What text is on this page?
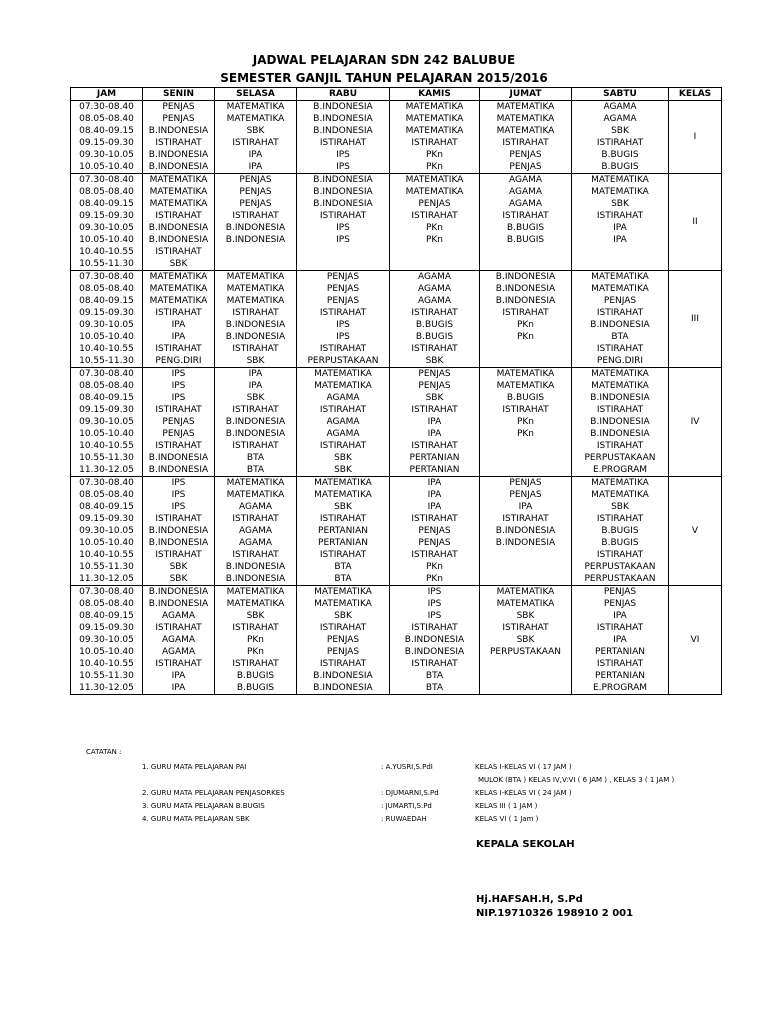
JADWAL PELAJARAN SDN 242 BALUBUE
SEMESTER GANJIL TAHUN PELAJARAN 2015/2016
JAM	SENIN	SELASA	RABU	KAMIS	JUMAT	SABTU	KELAS
07.30-08.40	PENJAS	MATEMATIKA	B.INDONESIA	MATEMATIKA	MATEMATIKA	AGAMA	I
08.05-08.40	PENJAS	MATEMATIKA	B.INDONESIA	MATEMATIKA	MATEMATIKA	AGAMA	
08.40-09.15	B.INDONESIA	SBK	B.INDONESIA	MATEMATIKA	MATEMATIKA	SBK	
09.15-09.30	ISTIRAHAT	ISTIRAHAT	ISTIRAHAT	ISTIRAHAT	ISTIRAHAT	ISTIRAHAT	
09.30-10.05	B.INDONESIA	IPA	IPS	PKn	PENJAS	B.BUGIS	
10.05-10.40	B.INDONESIA	IPA	IPS	PKn	PENJAS	B.BUGIS	
07.30-08.40	MATEMATIKA	PENJAS	B.INDONESIA	MATEMATIKA	AGAMA	MATEMATIKA	II
08.05-08.40	MATEMATIKA	PENJAS	B.INDONESIA	MATEMATIKA	AGAMA	MATEMATIKA	
08.40-09.15	MATEMATIKA	PENJAS	B.INDONESIA	PENJAS	AGAMA	SBK	
09.15-09.30	ISTIRAHAT	ISTIRAHAT	ISTIRAHAT	ISTIRAHAT	ISTIRAHAT	ISTIRAHAT	
09.30-10.05	B.INDONESIA	B.INDONESIA	IPS	PKn	B.BUGIS	IPA	
10.05-10.40	B.INDONESIA	B.INDONESIA	IPS	PKn	B.BUGIS	IPA	
10.40-10.55	ISTIRAHAT						
10.55-11.30	SBK						
07.30-08.40	MATEMATIKA	MATEMATIKA	PENJAS	AGAMA	B.INDONESIA	MATEMATIKA	III
08.05-08.40	MATEMATIKA	MATEMATIKA	PENJAS	AGAMA	B.INDONESIA	MATEMATIKA	
08.40-09.15	MATEMATIKA	MATEMATIKA	PENJAS	AGAMA	B.INDONESIA	PENJAS	
09.15-09.30	ISTIRAHAT	ISTIRAHAT	ISTIRAHAT	ISTIRAHAT	ISTIRAHAT	ISTIRAHAT	
09.30-10.05	IPA	B.INDONESIA	IPS	B.BUGIS	PKn	B.INDONESIA	
10.05-10.40	IPA	B.INDONESIA	IPS	B.BUGIS	PKn	BTA	
10.40-10.55	ISTIRAHAT	ISTIRAHAT	ISTIRAHAT	ISTIRAHAT		ISTIRAHAT	
10.55-11.30	PENG.DIRI	SBK	PERPUSTAKAAN	SBK		PENG.DIRI	
07.30-08.40	IPS	IPA	MATEMATIKA	PENJAS	MATEMATIKA	MATEMATIKA	IV
08.05-08.40	IPS	IPA	MATEMATIKA	PENJAS	MATEMATIKA	MATEMATIKA	
08.40-09.15	IPS	SBK	AGAMA	SBK	B.BUGIS	B.INDONESIA	
09.15-09.30	ISTIRAHAT	ISTIRAHAT	ISTIRAHAT	ISTIRAHAT	ISTIRAHAT	ISTIRAHAT	
09.30-10.05	PENJAS	B.INDONESIA	AGAMA	IPA	PKn	B.INDONESIA	
10.05-10.40	PENJAS	B.INDONESIA	AGAMA	IPA	PKn	B.INDONESIA	
10.40-10.55	ISTIRAHAT	ISTIRAHAT	ISTIRAHAT	ISTIRAHAT		ISTIRAHAT	
10.55-11.30	B.INDONESIA	BTA	SBK	PERTANIAN		PERPUSTAKAAN	
11.30-12.05	B.INDONESIA	BTA	SBK	PERTANIAN		E.PROGRAM	
07.30-08.40	IPS	MATEMATIKA	MATEMATIKA	IPA	PENJAS	MATEMATIKA	V
08.05-08.40	IPS	MATEMATIKA	MATEMATIKA	IPA	PENJAS	MATEMATIKA	
08.40-09.15	IPS	AGAMA	SBK	IPA	IPA	SBK	
09.15-09.30	ISTIRAHAT	ISTIRAHAT	ISTIRAHAT	ISTIRAHAT	ISTIRAHAT	ISTIRAHAT	
09.30-10.05	B.INDONESIA	AGAMA	PERTANIAN	PENJAS	B.INDONESIA	B.BUGIS	
10.05-10.40	B.INDONESIA	AGAMA	PERTANIAN	PENJAS	B.INDONESIA	B.BUGIS	
10.40-10.55	ISTIRAHAT	ISTIRAHAT	ISTIRAHAT	ISTIRAHAT		ISTIRAHAT	
10.55-11.30	SBK	B.INDONESIA	BTA	PKn		PERPUSTAKAAN	
11.30-12.05	SBK	B.INDONESIA	BTA	PKn		PERPUSTAKAAN	
07.30-08.40	B.INDONESIA	MATEMATIKA	MATEMATIKA	IPS	MATEMATIKA	PENJAS	VI
08.05-08.40	B.INDONESIA	MATEMATIKA	MATEMATIKA	IPS	MATEMATIKA	PENJAS	
08.40-09.15	AGAMA	SBK	SBK	IPS	SBK	IPA	
09.15-09.30	ISTIRAHAT	ISTIRAHAT	ISTIRAHAT	ISTIRAHAT	ISTIRAHAT	ISTIRAHAT	
09.30-10.05	AGAMA	PKn	PENJAS	B.INDONESIA	SBK	IPA	
10.05-10.40	AGAMA	PKn	PENJAS	B.INDONESIA	PERPUSTAKAAN	PERTANIAN	
10.40-10.55	ISTIRAHAT	ISTIRAHAT	ISTIRAHAT	ISTIRAHAT		ISTIRAHAT	
10.55-11.30	IPA	B.BUGIS	B.INDONESIA	BTA		PERTANIAN	
11.30-12.05	IPA	B.BUGIS	B.INDONESIA	BTA		E.PROGRAM	
CATATAN :
1. GURU MATA PELAJARAN PAI	: A.YUSRI,S.PdI	KELAS I-KELAS VI ( 17 JAM )
MULOK (BTA ) KELAS IV,V:VI ( 6 JAM ) , KELAS 3 ( 1 JAM )
2. GURU MATA PELAJARAN PENJASORKES	: DJUMARNI,S.Pd	KELAS I-KELAS VI ( 24 JAM )
3. GURU MATA PELAJARAN B.BUGIS	: JUMARTI,S.Pd	KELAS III ( 1 JAM )
4. GURU MATA PELAJARAN SBK	: RUWAEDAH	KELAS VI ( 1 Jam )
KEPALA SEKOLAH
Hj.HAFSAH.H, S.Pd
NIP.19710326 198910 2 001
